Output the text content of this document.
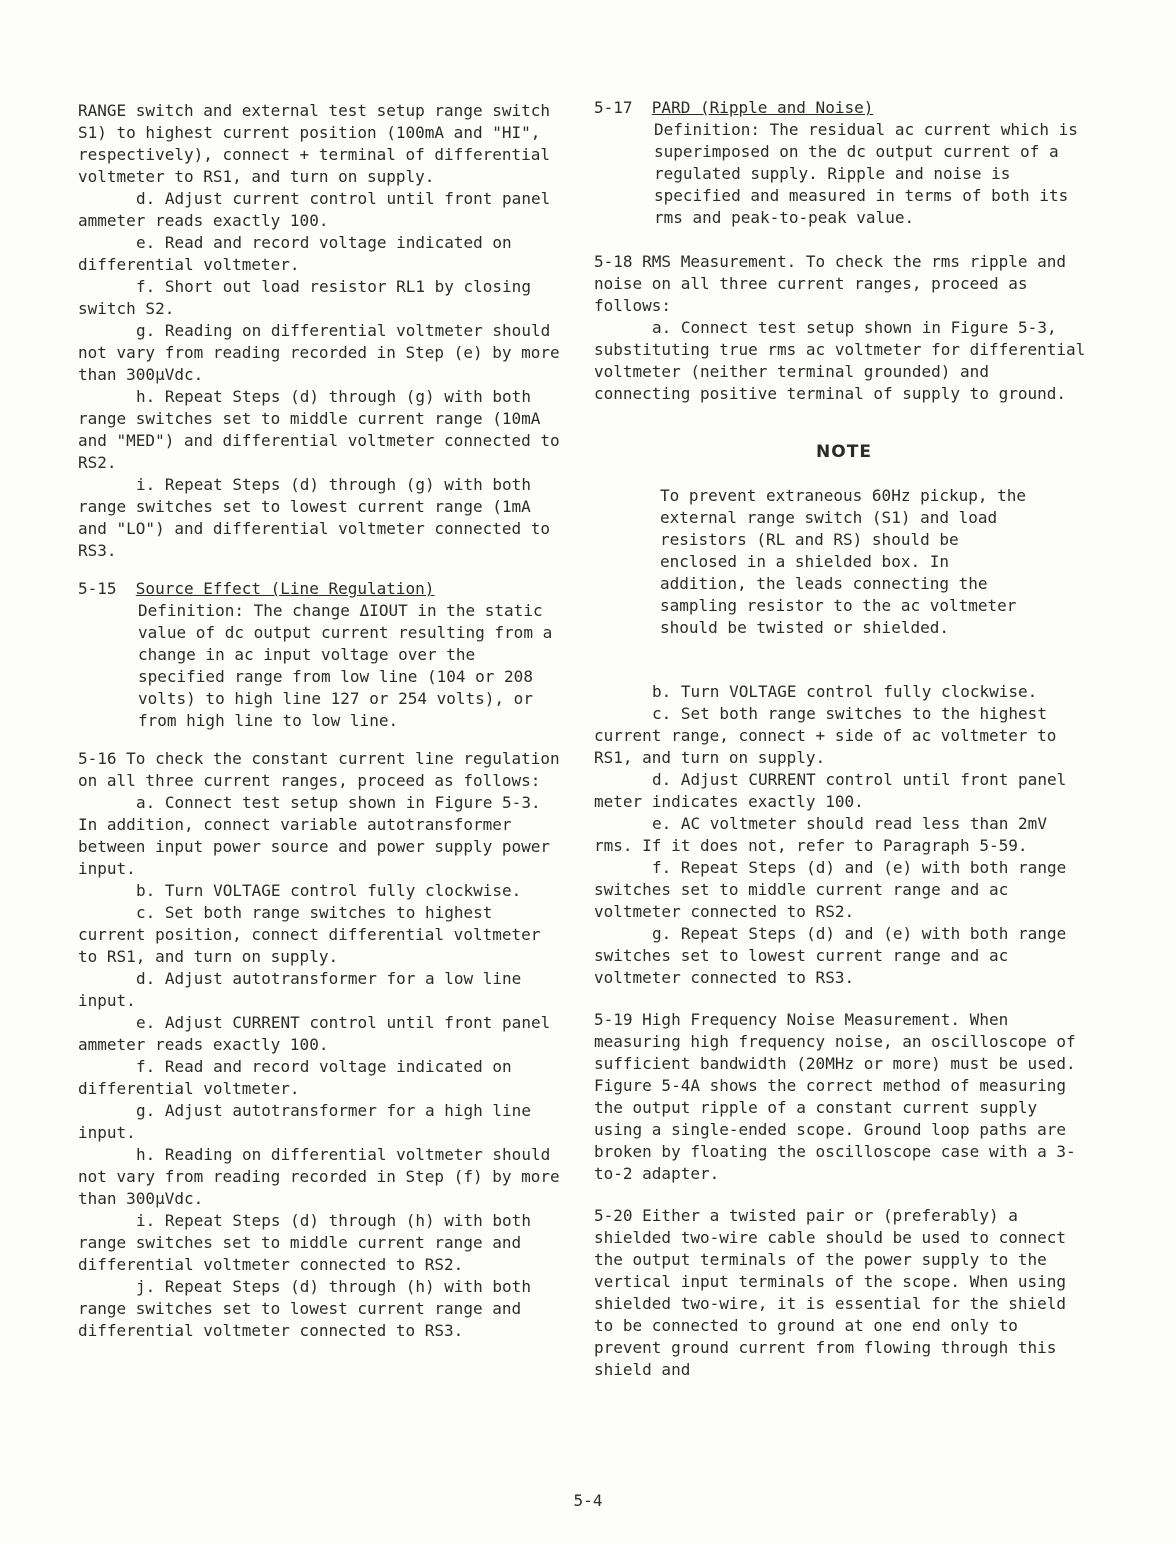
RANGE switch and external test setup range switch S1) to highest current position (100mA and "HI", respectively), connect + terminal of differential voltmeter to RS1, and turn on supply.

d. Adjust current control until front panel ammeter reads exactly 100.

e. Read and record voltage indicated on differential voltmeter.

f. Short out load resistor RL1 by closing switch S2.

g. Reading on differential voltmeter should not vary from reading recorded in Step (e) by more than 300μVdc.

h. Repeat Steps (d) through (g) with both range switches set to middle current range (10mA and "MED") and differential voltmeter connected to RS2.

i. Repeat Steps (d) through (g) with both range switches set to lowest current range (1mA and "LO") and differential voltmeter connected to RS3.

5-15 Source Effect (Line Regulation)

Definition: The change ΔIOUT in the static value of dc output current resulting from a change in ac input voltage over the specified range from low line (104 or 208 volts) to high line 127 or 254 volts), or from high line to low line.

5-16 To check the constant current line regulation on all three current ranges, proceed as follows:

a. Connect test setup shown in Figure 5-3. In addition, connect variable autotransformer between input power source and power supply power input.

b. Turn VOLTAGE control fully clockwise.

c. Set both range switches to highest current position, connect differential voltmeter to RS1, and turn on supply.

d. Adjust autotransformer for a low line input.

e. Adjust CURRENT control until front panel ammeter reads exactly 100.

f. Read and record voltage indicated on differential voltmeter.

g. Adjust autotransformer for a high line input.

h. Reading on differential voltmeter should not vary from reading recorded in Step (f) by more than 300μVdc.

i. Repeat Steps (d) through (h) with both range switches set to middle current range and differential voltmeter connected to RS2.

j. Repeat Steps (d) through (h) with both range switches set to lowest current range and differential voltmeter connected to RS3.

5-17 PARD (Ripple and Noise)

Definition: The residual ac current which is superimposed on the dc output current of a regulated supply. Ripple and noise is specified and measured in terms of both its rms and peak-to-peak value.

5-18 RMS Measurement. To check the rms ripple and noise on all three current ranges, proceed as follows:

a. Connect test setup shown in Figure 5-3, substituting true rms ac voltmeter for differential voltmeter (neither terminal grounded) and connecting positive terminal of supply to ground.

NOTE

To prevent extraneous 60Hz pickup, the external range switch (S1) and load resistors (RL and RS) should be enclosed in a shielded box. In addition, the leads connecting the sampling resistor to the ac voltmeter should be twisted or shielded.

b. Turn VOLTAGE control fully clockwise.

c. Set both range switches to the highest current range, connect + side of ac voltmeter to RS1, and turn on supply.

d. Adjust CURRENT control until front panel meter indicates exactly 100.

e. AC voltmeter should read less than 2mV rms. If it does not, refer to Paragraph 5-59.

f. Repeat Steps (d) and (e) with both range switches set to middle current range and ac voltmeter connected to RS2.

g. Repeat Steps (d) and (e) with both range switches set to lowest current range and ac voltmeter connected to RS3.

5-19 High Frequency Noise Measurement. When measuring high frequency noise, an oscilloscope of sufficient bandwidth (20MHz or more) must be used. Figure 5-4A shows the correct method of measuring the output ripple of a constant current supply using a single-ended scope. Ground loop paths are broken by floating the oscilloscope case with a 3-to-2 adapter.

5-20 Either a twisted pair or (preferably) a shielded two-wire cable should be used to connect the output terminals of the power supply to the vertical input terminals of the scope. When using shielded two-wire, it is essential for the shield to be connected to ground at one end only to prevent ground current from flowing through this shield and

5-4
